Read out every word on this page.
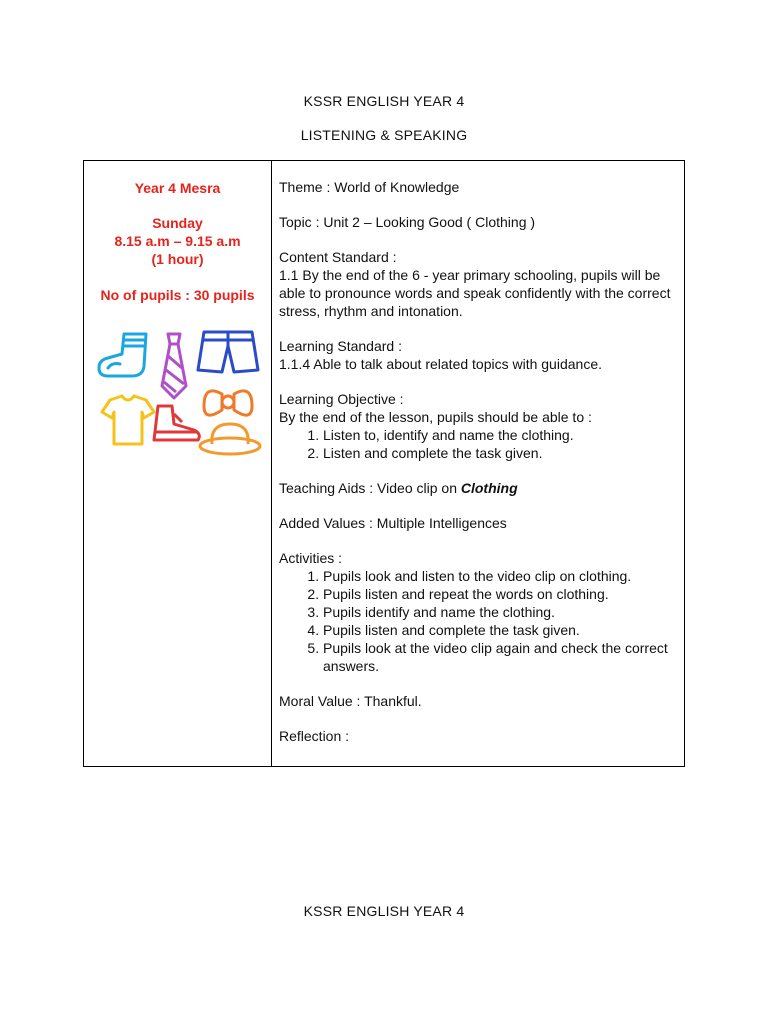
KSSR ENGLISH YEAR 4
LISTENING & SPEAKING
Year 4 Mesra
Sunday
8.15 a.m – 9.15 a.m
(1 hour)
No of pupils : 30 pupils
Theme : World of Knowledge
Topic : Unit 2 – Looking Good ( Clothing )
Content Standard :
1.1 By the end of the 6 - year primary schooling, pupils will be able to pronounce words and speak confidently with the correct stress, rhythm and intonation.
Learning Standard :
1.1.4 Able to talk about related topics with guidance.
Learning Objective :
By the end of the lesson, pupils should be able to :
1. Listen to, identify and name the clothing.
2. Listen and complete the task given.
Teaching Aids : Video clip on Clothing
Added Values : Multiple Intelligences
Activities :
1. Pupils look and listen to the video clip on clothing.
2. Pupils listen and repeat the words on clothing.
3. Pupils identify and name the clothing.
4. Pupils listen and complete the task given.
5. Pupils look at the video clip again and check the correct answers.
Moral Value : Thankful.
Reflection :
KSSR ENGLISH YEAR 4
